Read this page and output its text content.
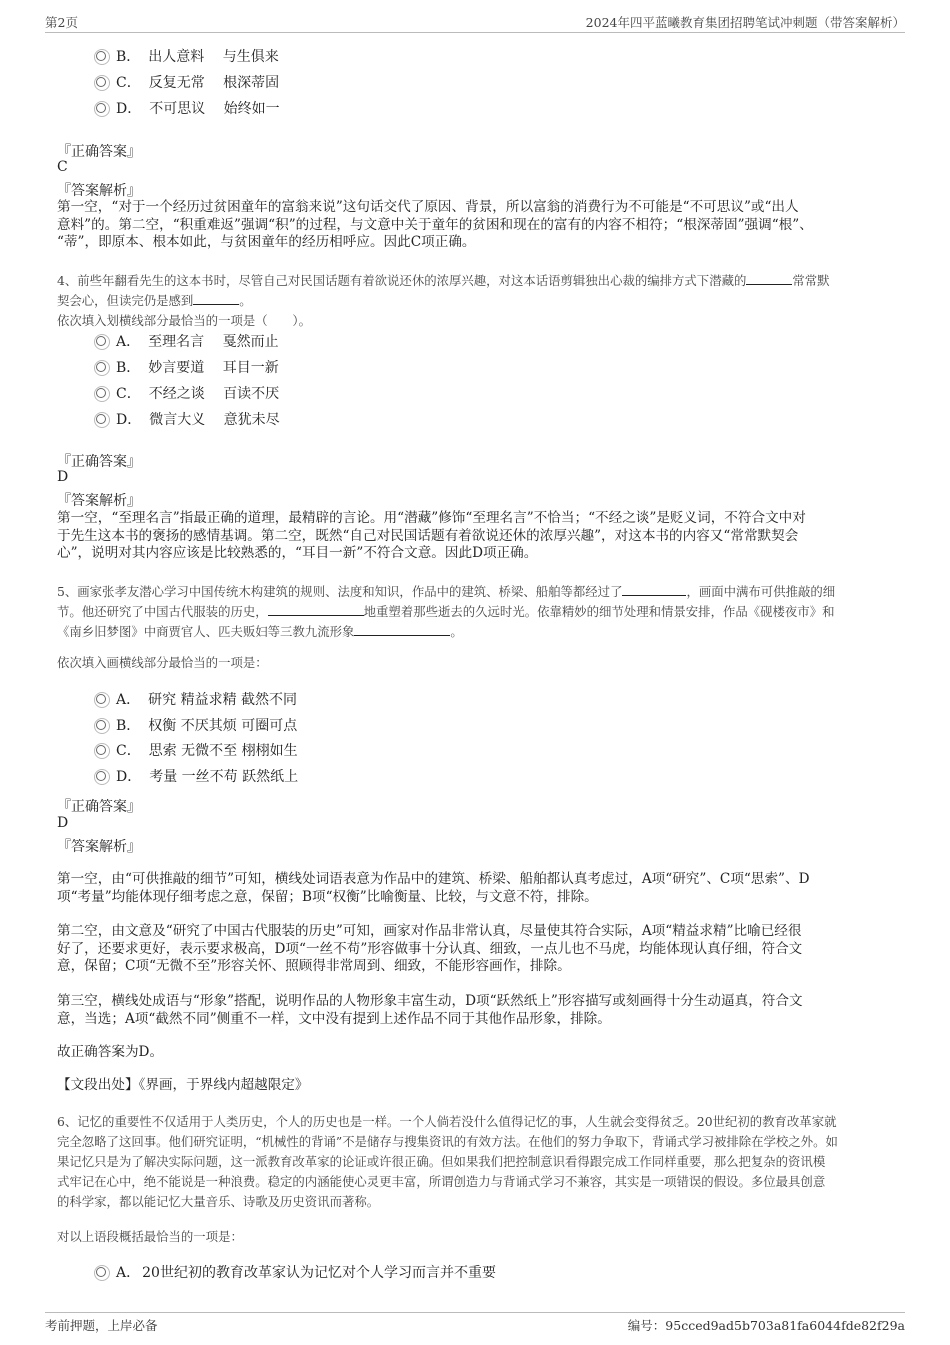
第2页	2024年四平蓝曦教育集团招聘笔试冲刺题（带答案解析）
B． 出人意料　 与生俱来
C． 反复无常　 根深蒂固
D． 不可思议　 始终如一
『正确答案』
C
『答案解析』
第一空，“对于一个经历过贫困童年的富翁来说”这句话交代了原因、背景，所以富翁的消费行为不可能是“不可思议”或“出人
意料”的。第二空，“积重难返”强调“积”的过程，与文意中关于童年的贫困和现在的富有的内容不相符；“根深蒂固”强调“根”、
“蒂”，即原本、根本如此，与贫困童年的经历相呼应。因此C项正确。
4、前些年翻看先生的这本书时，尽管自己对民国话题有着欲说还休的浓厚兴趣，对这本话语剪辑独出心裁的编排方式下潜藏的	常常默
契会心，但读完仍是感到	。
依次填入划横线部分最恰当的一项是（　　）。
A． 至理名言　 戛然而止
B． 妙言要道　 耳目一新
C． 不经之谈　 百读不厌
D． 微言大义　 意犹未尽
『正确答案』
D
『答案解析』
第一空，“至理名言”指最正确的道理，最精辟的言论。用“潜藏”修饰“至理名言”不恰当；“不经之谈”是贬义词，不符合文中对
于先生这本书的褒扬的感情基调。第二空，既然“自己对民国话题有着欲说还休的浓厚兴趣”，对这本书的内容又“常常默契会
心”，说明对其内容应该是比较熟悉的，“耳目一新”不符合文意。因此D项正确。
5、画家张孝友潜心学习中国传统木构建筑的规则、法度和知识，作品中的建筑、桥梁、船舶等都经过了	，画面中满布可供推敲的细
节。他还研究了中国古代服装的历史，	地重塑着那些逝去的久远时光。依靠精妙的细节处理和情景安排，作品《砚楼夜市》和
《南乡旧梦图》中商贾官人、匹夫贩妇等三教九流形象	。
依次填入画横线部分最恰当的一项是：
A． 研究 精益求精 截然不同
B． 权衡 不厌其烦 可圈可点
C． 思索 无微不至 栩栩如生
D． 考量 一丝不苟 跃然纸上
『正确答案』
D
『答案解析』
第一空，由“可供推敲的细节”可知，横线处词语表意为作品中的建筑、桥梁、船舶都认真考虑过，A项“研究”、C项“思索”、D
项“考量”均能体现仔细考虑之意，保留；B项“权衡”比喻衡量、比较，与文意不符，排除。
第二空，由文意及“研究了中国古代服装的历史”可知，画家对作品非常认真，尽量使其符合实际，A项“精益求精”比喻已经很
好了，还要求更好，表示要求极高，D项“一丝不苟”形容做事十分认真、细致，一点儿也不马虎，均能体现认真仔细，符合文
意，保留；C项“无微不至”形容关怀、照顾得非常周到、细致，不能形容画作，排除。
第三空，横线处成语与“形象”搭配，说明作品的人物形象丰富生动，D项“跃然纸上”形容描写或刻画得十分生动逼真，符合文
意，当选；A项“截然不同”侧重不一样，文中没有提到上述作品不同于其他作品形象，排除。
故正确答案为D。
【文段出处】《界画，于界线内超越限定》
6、记忆的重要性不仅适用于人类历史，个人的历史也是一样。一个人倘若没什么值得记忆的事，人生就会变得贫乏。20世纪初的教育改革家就
完全忽略了这回事。他们研究证明，“机械性的背诵”不是储存与搜集资讯的有效方法。在他们的努力争取下，背诵式学习被排除在学校之外。如
果记忆只是为了解决实际问题，这一派教育改革家的论证或许很正确。但如果我们把控制意识看得跟完成工作同样重要，那么把复杂的资讯模
式牢记在心中，绝不能说是一种浪费。稳定的内涵能使心灵更丰富，所谓创造力与背诵式学习不兼容，其实是一项错误的假设。多位最具创意
的科学家，都以能记忆大量音乐、诗歌及历史资讯而著称。
对以上语段概括最恰当的一项是：
A． 20世纪初的教育改革家认为记忆对个人学习而言并不重要
考前押题，上岸必备	编号：95cced9ad5b703a81fa6044fde82f29a
